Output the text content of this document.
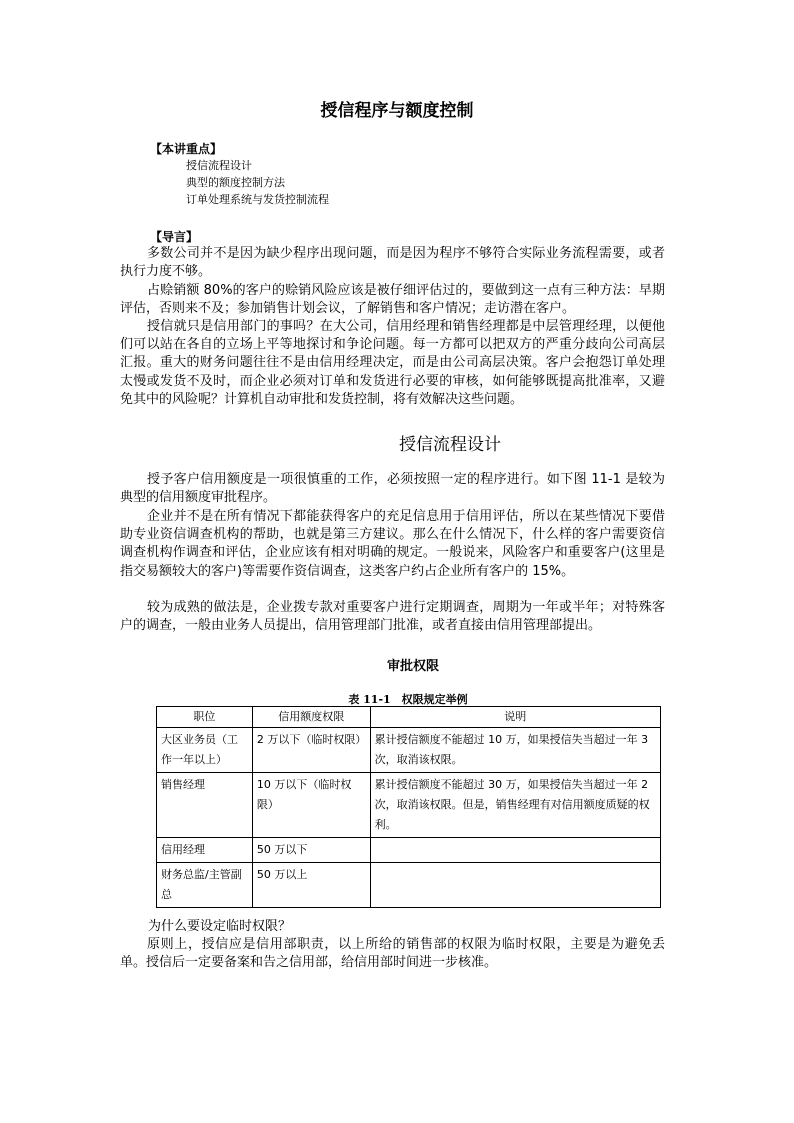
授信程序与额度控制
【本讲重点】
授信流程设计
典型的额度控制方法
订单处理系统与发货控制流程
【导言】

多数公司并不是因为缺少程序出现问题，而是因为程序不够符合实际业务流程需要，或者执行力度不够。

占赊销额 80%的客户的赊销风险应该是被仔细评估过的，要做到这一点有三种方法：早期评估，否则来不及；参加销售计划会议，了解销售和客户情况；走访潜在客户。

授信就只是信用部门的事吗？在大公司，信用经理和销售经理都是中层管理经理，以便他们可以站在各自的立场上平等地探讨和争论问题。每一方都可以把双方的严重分歧向公司高层汇报。重大的财务问题往往不是由信用经理决定，而是由公司高层决策。客户会抱怨订单处理太慢或发货不及时，而企业必须对订单和发货进行必要的审核，如何能够既提高批准率，又避免其中的风险呢？计算机自动审批和发货控制，将有效解决这些问题。

授信流程设计

授予客户信用额度是一项很慎重的工作，必须按照一定的程序进行。如下图 11-1 是较为典型的信用额度审批程序。

企业并不是在所有情况下都能获得客户的充足信息用于信用评估，所以在某些情况下要借助专业资信调查机构的帮助，也就是第三方建议。那么在什么情况下，什么样的客户需要资信调查机构作调查和评估，企业应该有相对明确的规定。一般说来，风险客户和重要客户(这里是指交易额较大的客户)等需要作资信调查，这类客户约占企业所有客户的 15%。

较为成熟的做法是，企业拨专款对重要客户进行定期调查，周期为一年或半年；对特殊客户的调查，一般由业务人员提出，信用管理部门批准，或者直接由信用管理部提出。

审批权限
表 11-1　权限规定举例
职位	信用额度权限	说明
大区业务员（工作一年以上）	2 万以下（临时权限）	累计授信额度不能超过 10 万，如果授信失当超过一年 3 次，取消该权限。
销售经理	10 万以下（临时权限）	累计授信额度不能超过 30 万，如果授信失当超过一年 2 次，取消该权限。但是，销售经理有对信用额度质疑的权利。
信用经理	50 万以下	
财务总监/主管副总	50 万以上	
为什么要设定临时权限？

原则上，授信应是信用部职责，以上所给的销售部的权限为临时权限，主要是为避免丢单。授信后一定要备案和告之信用部，给信用部时间进一步核准。
